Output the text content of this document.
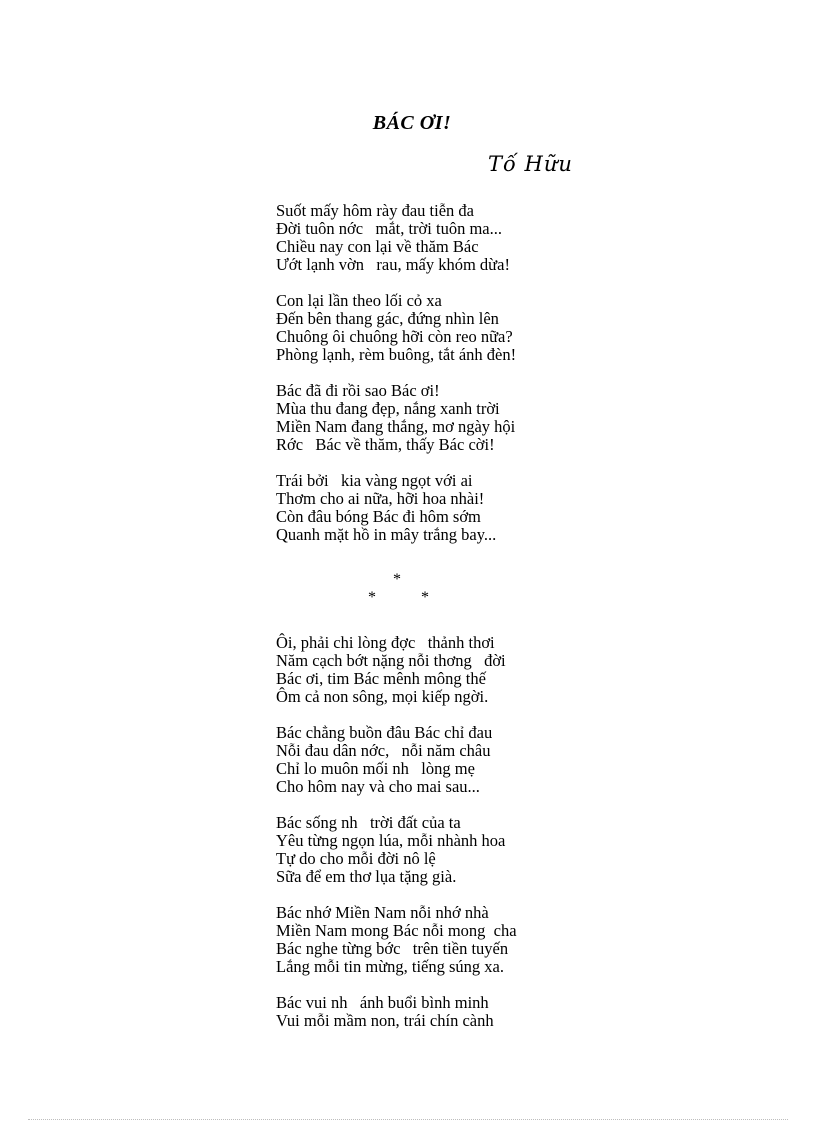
BÁC ƠI!
Tố Hữu
Suốt mấy hôm rày đau tiễn đa
Đời tuôn nớc   mắt, trời tuôn ma...
Chiều nay con lại về thăm Bác
Ướt lạnh vờn   rau, mấy khóm dừa!
Con lại lần theo lối cỏ xa
Đến bên thang gác, đứng nhìn lên
Chuông ôi chuông hỡi còn reo nữa?
Phòng lạnh, rèm buông, tắt ánh đèn!
Bác đã đi rồi sao Bác ơi!
Mùa thu đang đẹp, nắng xanh trời
Miền Nam đang thắng, mơ ngày hội
Rớc   Bác về thăm, thấy Bác cời!
Trái bởi   kia vàng ngọt với ai
Thơm cho ai nữa, hỡi hoa nhài!
Còn đâu bóng Bác đi hôm sớm
Quanh mặt hồ in mây trắng bay...
*
*	*
Ôi, phải chi lòng đợc   thảnh thơi
Năm cạch bớt nặng nỗi thơng   đời
Bác ơi, tim Bác mênh mông thế
Ôm cả non sông, mọi kiếp ngời.
Bác chẳng buồn đâu Bác chỉ đau
Nỗi đau dân nớc,   nỗi năm châu
Chỉ lo muôn mối nh   lòng mẹ
Cho hôm nay và cho mai sau...
Bác sống nh   trời đất của ta
Yêu từng ngọn lúa, mỗi nhành hoa
Tự do cho mỗi đời nô lệ
Sữa để em thơ lụa tặng già.
Bác nhớ Miền Nam nỗi nhớ nhà
Miền Nam mong Bác nỗi mong  cha
Bác nghe từng bớc   trên tiền tuyến
Lắng mỗi tin mừng, tiếng súng xa.
Bác vui nh   ánh buổi bình minh
Vui mỗi mầm non, trái chín cành
